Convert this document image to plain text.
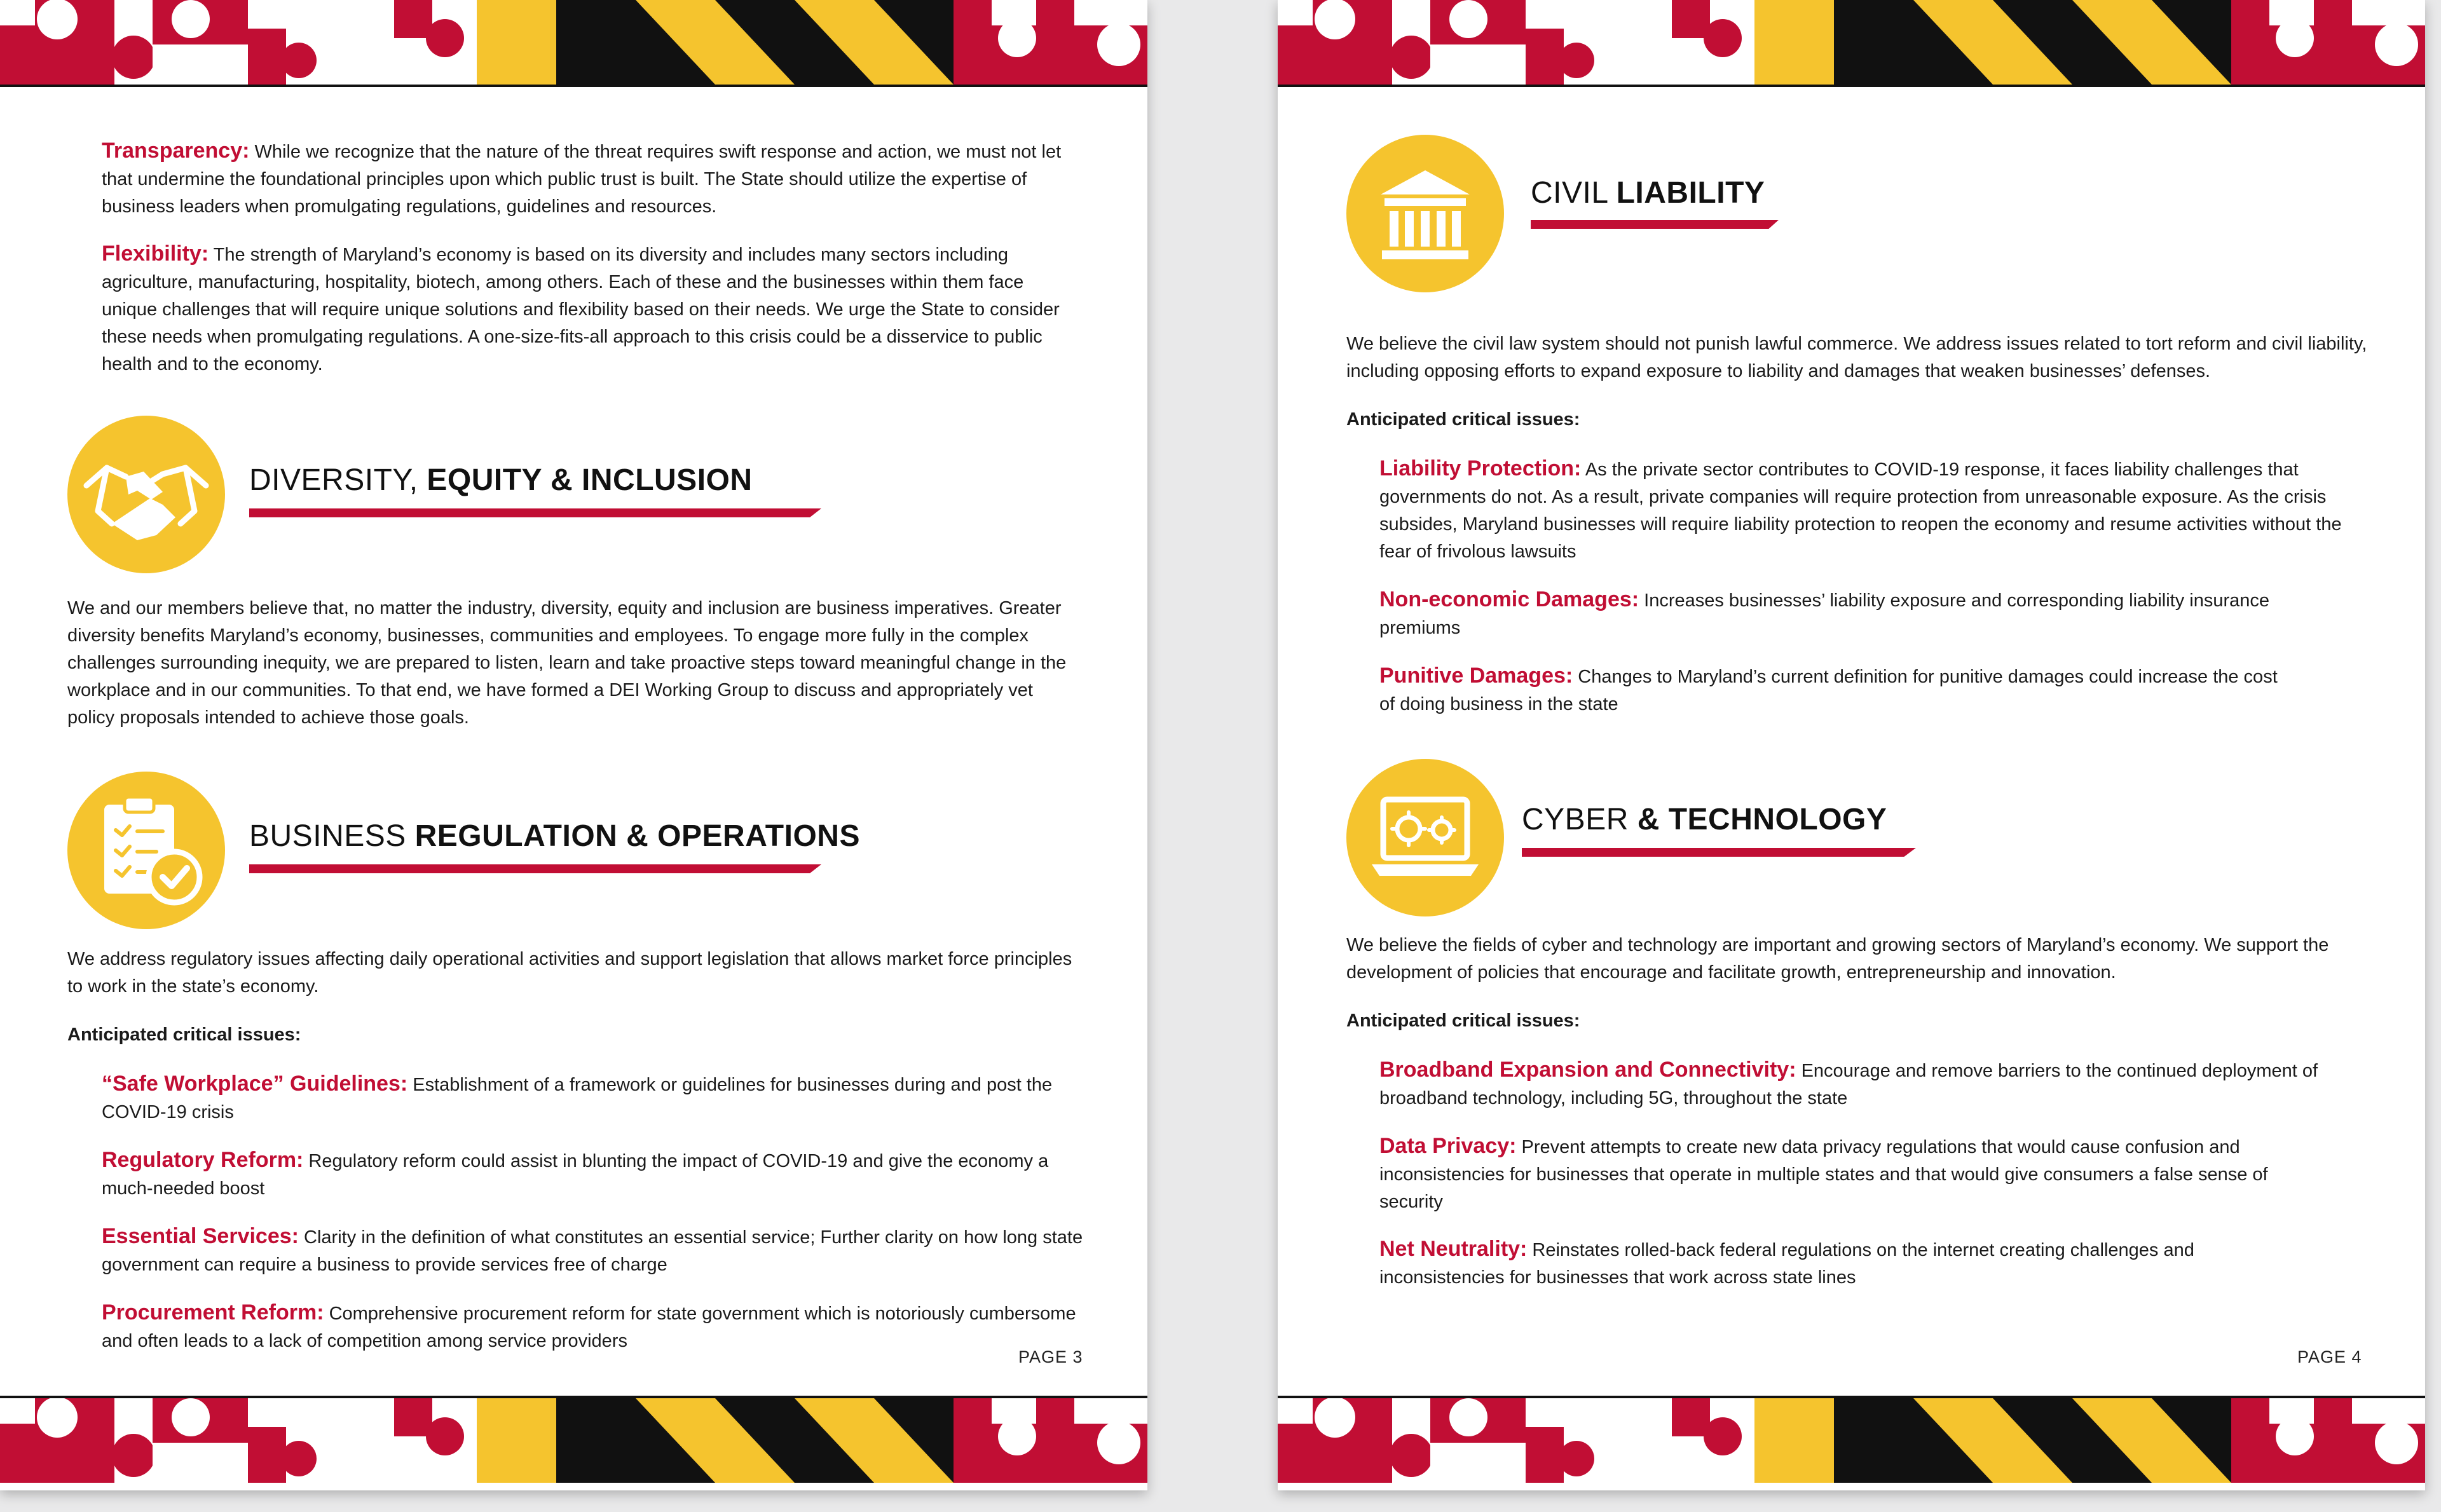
Transparency: While we recognize that the nature of the threat requires swift response and action, we must not let that undermine the foundational principles upon which public trust is built. The State should utilize the expertise of business leaders when promulgating regulations, guidelines and resources.

Flexibility: The strength of Maryland’s economy is based on its diversity and includes many sectors including agriculture, manufacturing, hospitality, biotech, among others. Each of these and the businesses within them face unique challenges that will require unique solutions and flexibility based on their needs. We urge the State to consider these needs when promulgating regulations. A one-size-fits-all approach to this crisis could be a disservice to public health and to the economy.

DIVERSITY, EQUITY & INCLUSION

We and our members believe that, no matter the industry, diversity, equity and inclusion are business imperatives. Greater diversity benefits Maryland’s economy, businesses, communities and employees. To engage more fully in the complex challenges surrounding inequity, we are prepared to listen, learn and take proactive steps toward meaningful change in the workplace and in our communities. To that end, we have formed a DEI Working Group to discuss and appropriately vet policy proposals intended to achieve those goals.

BUSINESS REGULATION & OPERATIONS

We address regulatory issues affecting daily operational activities and support legislation that allows market force principles to work in the state’s economy.

Anticipated critical issues:

“Safe Workplace” Guidelines: Establishment of a framework or guidelines for businesses during and post the COVID-19 crisis

Regulatory Reform: Regulatory reform could assist in blunting the impact of COVID-19 and give the economy a much-needed boost

Essential Services: Clarity in the definition of what constitutes an essential service; Further clarity on how long state government can require a business to provide services free of charge

Procurement Reform: Comprehensive procurement reform for state government which is notoriously cumbersome and often leads to a lack of competition among service providers

PAGE 3

CIVIL LIABILITY

We believe the civil law system should not punish lawful commerce. We address issues related to tort reform and civil liability, including opposing efforts to expand exposure to liability and damages that weaken businesses’ defenses.

Anticipated critical issues:

Liability Protection: As the private sector contributes to COVID-19 response, it faces liability challenges that governments do not. As a result, private companies will require protection from unreasonable exposure. As the crisis subsides, Maryland businesses will require liability protection to reopen the economy and resume activities without the fear of frivolous lawsuits

Non-economic Damages: Increases businesses’ liability exposure and corresponding liability insurance premiums

Punitive Damages: Changes to Maryland’s current definition for punitive damages could increase the cost of doing business in the state

CYBER & TECHNOLOGY

We believe the fields of cyber and technology are important and growing sectors of Maryland’s economy. We support the development of policies that encourage and facilitate growth, entrepreneurship and innovation.

Anticipated critical issues:

Broadband Expansion and Connectivity: Encourage and remove barriers to the continued deployment of broadband technology, including 5G, throughout the state

Data Privacy: Prevent attempts to create new data privacy regulations that would cause confusion and inconsistencies for businesses that operate in multiple states and that would give consumers a false sense of security

Net Neutrality: Reinstates rolled-back federal regulations on the internet creating challenges and inconsistencies for businesses that work across state lines

PAGE 4
